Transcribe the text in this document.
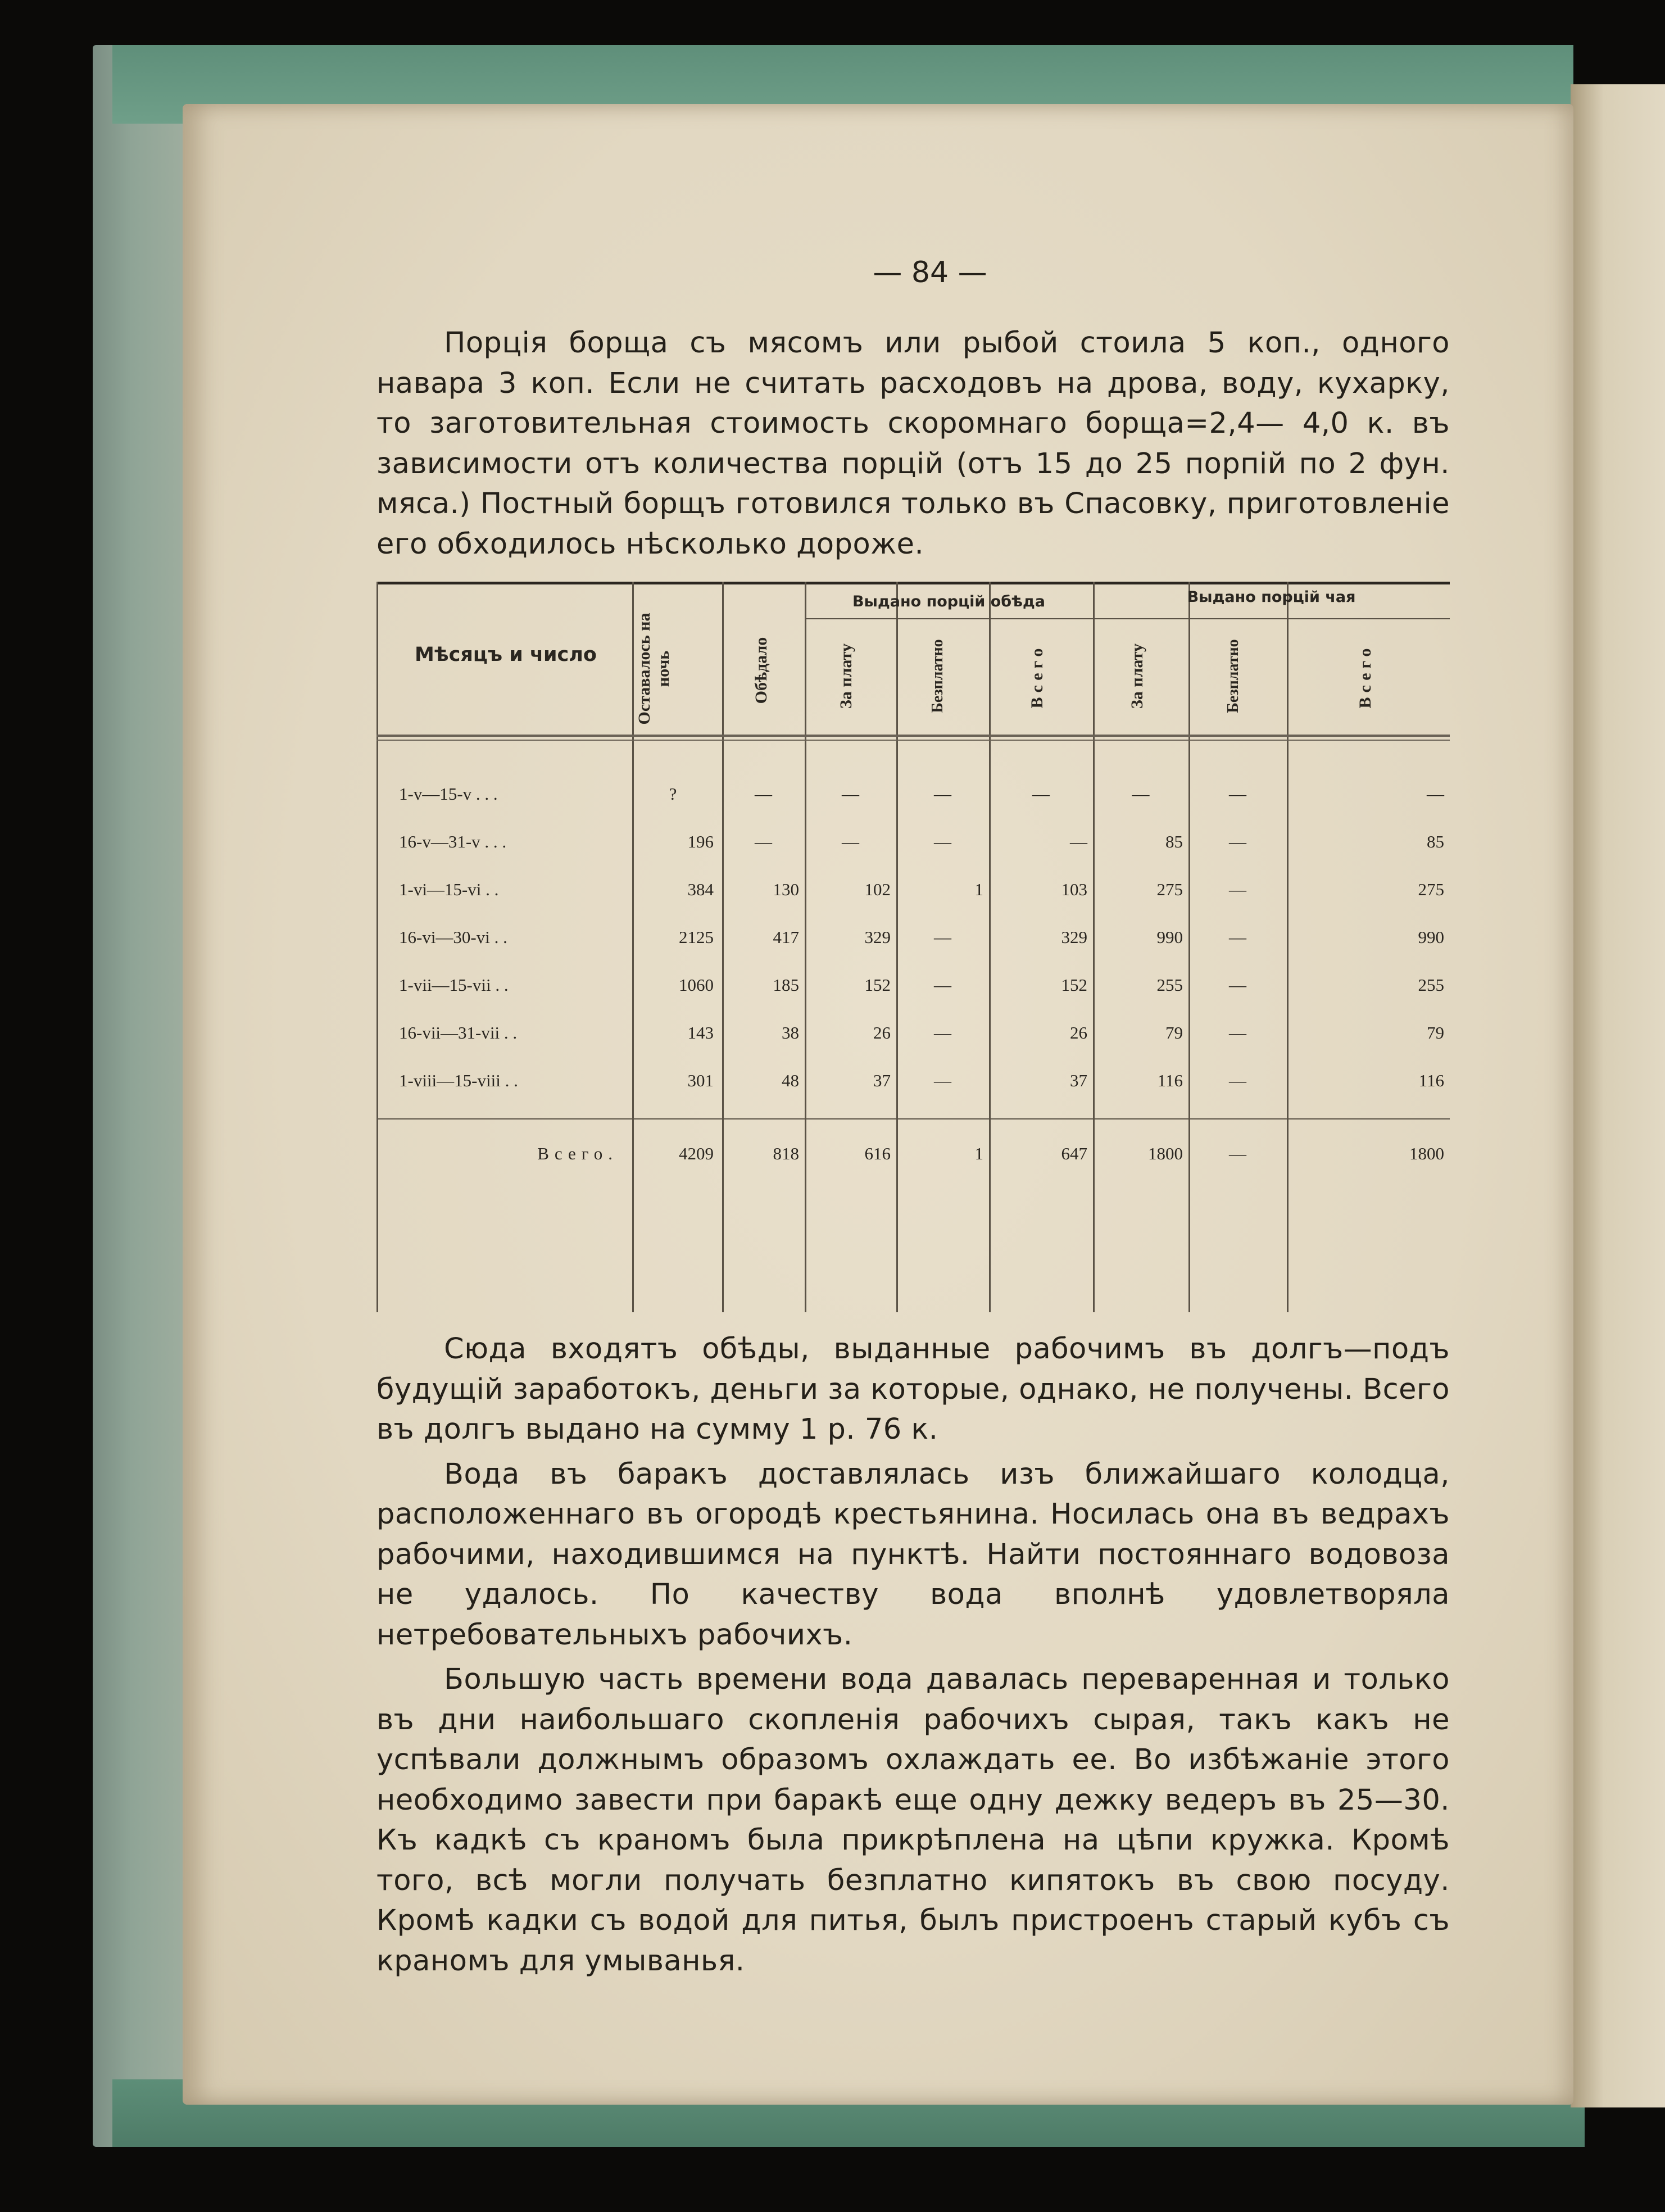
— 84 —

Порцiя борща съ мясомъ или рыбой стоила 5 коп., одного навара 3 коп. Если не считать расходовъ на дрова, воду, кухарку, то заготовительная стоимость скоромнаго борща=2,4— 4,0 к. въ зависимости отъ количества порцiй (отъ 15 до 25 порпiй по 2 фун. мяса.) Постный борщъ готовился только въ Спасовку, приготовленiе его обходилось нѣсколько дороже.

Мѣсяцъ и число	Оставалось на ночь	Обѣдало
Выдано порцiй обѣда	Выдано порцiй чая
За плату	Безплатно	Всего	За плату	Безплатно	Всего
1-v—15-v . . .	?	—	—	—	—	—	—	—
16-v—31-v . . .	196	—	—	—	—	85	—	85
1-vi—15-vi . .	384	130	102	1	103	275	—	275
16-vi—30-vi . .	2125	417	329	—	329	990	—	990
1-vii—15-vii . .	1060	185	152	—	152	255	—	255
16-vii—31-vii . .	143	38	26	—	26	79	—	79
1-viii—15-viii . .	301	48	37	—	37	116	—	116
Всего.	4209	818	616	1	647	1800	—	1800

Сюда входятъ обѣды, выданные рабочимъ въ долгъ—подъ будущiй заработокъ, деньги за которые, однако, не получены. Всего въ долгъ выдано на сумму 1 р. 76 к.

Вода въ баракъ доставлялась изъ ближайшаго колодца, расположеннаго въ огородѣ крестьянина. Носилась она въ ведрахъ рабочими, находившимся на пунктѣ. Найти постояннаго водовоза не удалось. По качеству вода вполнѣ удовлетворяла нетребовательныхъ рабочихъ.

Большую часть времени вода давалась переваренная и только въ дни наибольшаго скопленiя рабочихъ сырая, такъ какъ не успѣвали должнымъ образомъ охлаждать ее. Во избѣжанiе этого необходимо завести при баракѣ еще одну дежку ведеръ въ 25—30. Къ кадкѣ съ краномъ была прикрѣплена на цѣпи кружка. Кромѣ того, всѣ могли получать безплатно кипятокъ въ свою посуду. Кромѣ кадки съ водой для питья, былъ пристроенъ старый кубъ съ краномъ для умыванья.
